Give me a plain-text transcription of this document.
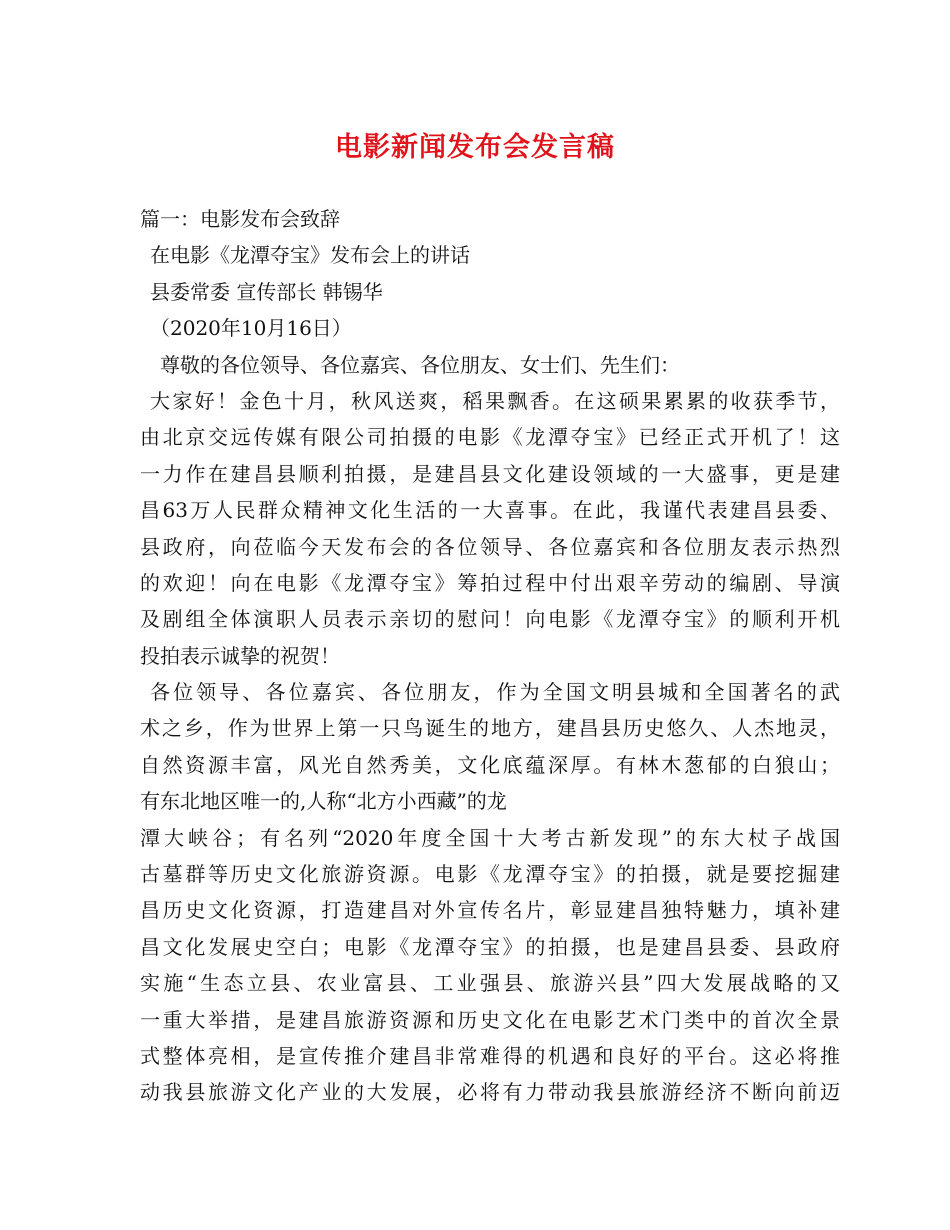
电影新闻发布会发言稿
篇一：电影发布会致辞
在电影《龙潭夺宝》发布会上的讲话
县委常委 宣传部长 韩锡华
（2020年10月16日）
尊敬的各位领导、各位嘉宾、各位朋友、女士们、先生们：
大家好！金色十月，秋风送爽，稻果飘香。在这硕果累累的收获季节，
由北京交远传媒有限公司拍摄的电影《龙潭夺宝》已经正式开机了！这
一力作在建昌县顺利拍摄，是建昌县文化建设领域的一大盛事，更是建
昌63万人民群众精神文化生活的一大喜事。在此，我谨代表建昌县委、
县政府，向莅临今天发布会的各位领导、各位嘉宾和各位朋友表示热烈
的欢迎！向在电影《龙潭夺宝》筹拍过程中付出艰辛劳动的编剧、导演
及剧组全体演职人员表示亲切的慰问！向电影《龙潭夺宝》的顺利开机
投拍表示诚挚的祝贺！
各位领导、各位嘉宾、各位朋友，作为全国文明县城和全国著名的武
术之乡，作为世界上第一只鸟诞生的地方，建昌县历史悠久、人杰地灵，
自然资源丰富，风光自然秀美，文化底蕴深厚。有林木葱郁的白狼山；
有东北地区唯一的,人称“北方小西藏”的龙
潭大峡谷；有名列“2020年度全国十大考古新发现”的东大杖子战国
古墓群等历史文化旅游资源。电影《龙潭夺宝》的拍摄，就是要挖掘建
昌历史文化资源，打造建昌对外宣传名片，彰显建昌独特魅力，填补建
昌文化发展史空白；电影《龙潭夺宝》的拍摄，也是建昌县委、县政府
实施“生态立县、农业富县、工业强县、旅游兴县”四大发展战略的又
一重大举措，是建昌旅游资源和历史文化在电影艺术门类中的首次全景
式整体亮相，是宣传推介建昌非常难得的机遇和良好的平台。这必将推
动我县旅游文化产业的大发展，必将有力带动我县旅游经济不断向前迈
